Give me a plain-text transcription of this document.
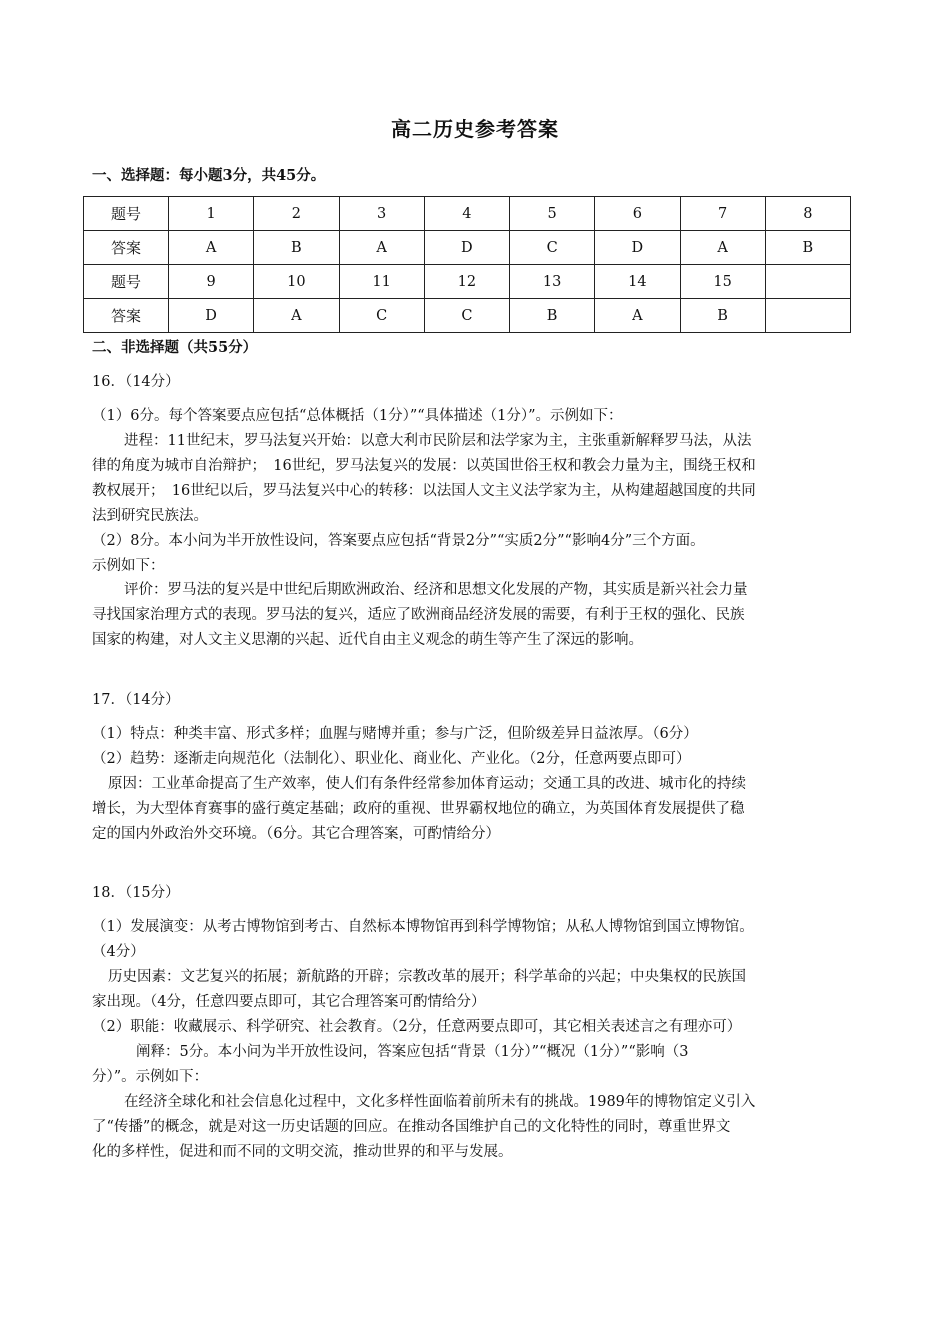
高二历史参考答案
一、选择题：每小题3分，共45分。
题号	1	2	3	4	5	6	7	8
答案	A	B	A	D	C	D	A	B
题号	9	10	11	12	13	14	15	
答案	D	A	C	C	B	A	B	
二、非选择题（共55分）
16．（14分）
（1）6分。每个答案要点应包括“总体概括（1分）”“具体描述（1分）”。示例如下：
进程：11世纪末，罗马法复兴开始：以意大利市民阶层和法学家为主，主张重新解释罗马法，从法
律的角度为城市自治辩护；　16世纪，罗马法复兴的发展：以英国世俗王权和教会力量为主，围绕王权和
教权展开；　16世纪以后，罗马法复兴中心的转移：以法国人文主义法学家为主，从构建超越国度的共同
法到研究民族法。
（2）8分。本小问为半开放性设问，答案要点应包括“背景2分”“实质2分”“影响4分”三个方面。
示例如下：
评价：罗马法的复兴是中世纪后期欧洲政治、经济和思想文化发展的产物，其实质是新兴社会力量
寻找国家治理方式的表现。罗马法的复兴，适应了欧洲商品经济发展的需要，有利于王权的强化、民族
国家的构建，对人文主义思潮的兴起、近代自由主义观念的萌生等产生了深远的影响。
17．（14分）
（1）特点：种类丰富、形式多样；血腥与赌博并重；参与广泛，但阶级差异日益浓厚。（6分）
（2）趋势：逐渐走向规范化（法制化）、职业化、商业化、产业化。（2分，任意两要点即可）
原因：工业革命提高了生产效率，使人们有条件经常参加体育运动；交通工具的改进、城市化的持续
增长，为大型体育赛事的盛行奠定基础；政府的重视、世界霸权地位的确立，为英国体育发展提供了稳
定的国内外政治外交环境。（6分。其它合理答案，可酌情给分）
18．（15分）
（1）发展演变：从考古博物馆到考古、自然标本博物馆再到科学博物馆；从私人博物馆到国立博物馆。
（4分）
历史因素：文艺复兴的拓展；新航路的开辟；宗教改革的展开；科学革命的兴起；中央集权的民族国
家出现。（4分，任意四要点即可，其它合理答案可酌情给分）
（2）职能：收藏展示、科学研究、社会教育。（2分，任意两要点即可，其它相关表述言之有理亦可）
阐释：5分。本小问为半开放性设问，答案应包括“背景（1分）”“概况（1分）”“影响（3
分）”。示例如下：
在经济全球化和社会信息化过程中，文化多样性面临着前所未有的挑战。1989年的博物馆定义引入
了“传播”的概念，就是对这一历史话题的回应。在推动各国维护自己的文化特性的同时，尊重世界文
化的多样性，促进和而不同的文明交流，推动世界的和平与发展。
